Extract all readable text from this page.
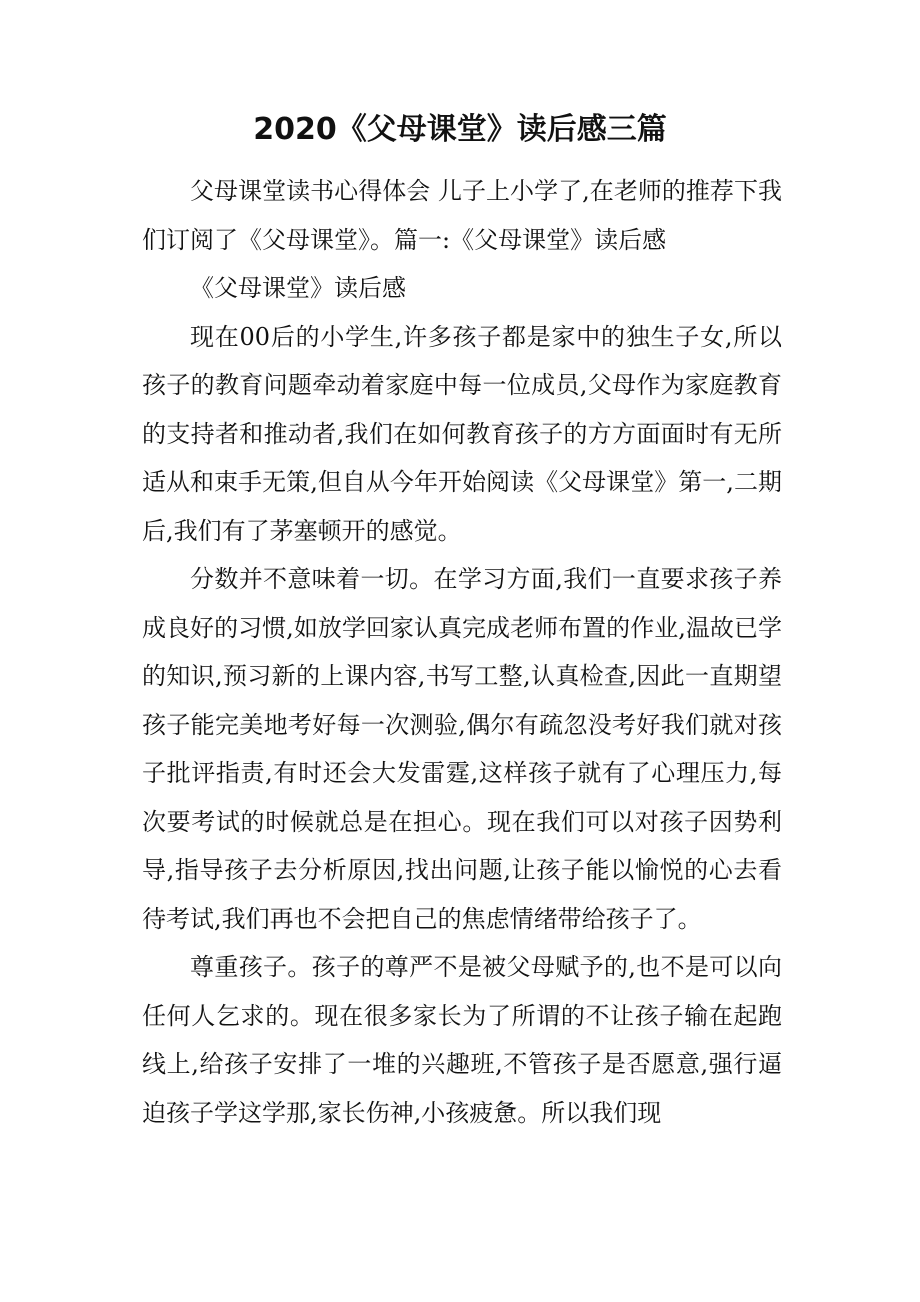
2020《父母课堂》读后感三篇

父母课堂读书心得体会 儿子上小学了,在老师的推荐下我们订阅了《父母课堂》。篇一:《父母课堂》读后感

《父母课堂》读后感

现在00后的小学生,许多孩子都是家中的独生子女,所以孩子的教育问题牵动着家庭中每一位成员,父母作为家庭教育的支持者和推动者,我们在如何教育孩子的方方面面时有无所适从和束手无策,但自从今年开始阅读《父母课堂》第一,二期后,我们有了茅塞顿开的感觉。

分数并不意味着一切。在学习方面,我们一直要求孩子养成良好的习惯,如放学回家认真完成老师布置的作业,温故已学的知识,预习新的上课内容,书写工整,认真检查,因此一直期望孩子能完美地考好每一次测验,偶尔有疏忽没考好我们就对孩子批评指责,有时还会大发雷霆,这样孩子就有了心理压力,每次要考试的时候就总是在担心。现在我们可以对孩子因势利导,指导孩子去分析原因,找出问题,让孩子能以愉悦的心去看待考试,我们再也不会把自己的焦虑情绪带给孩子了。

尊重孩子。孩子的尊严不是被父母赋予的,也不是可以向任何人乞求的。现在很多家长为了所谓的不让孩子输在起跑线上,给孩子安排了一堆的兴趣班,不管孩子是否愿意,强行逼迫孩子学这学那,家长伤神,小孩疲惫。所以我们现
